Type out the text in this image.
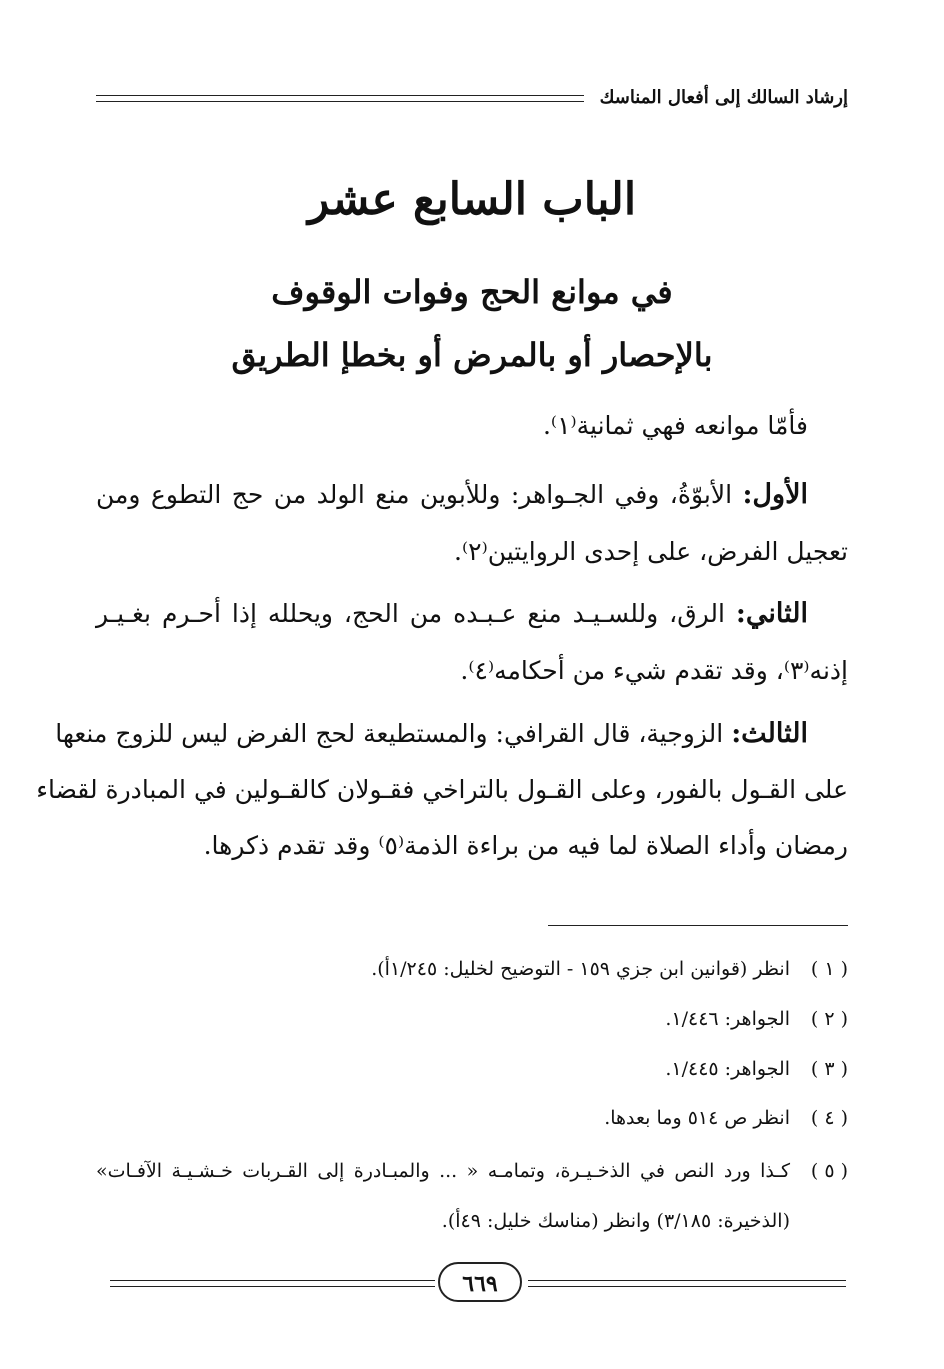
إرشاد السالك إلى أفعال المناسك
الباب السابع عشر
في موانع الحج وفوات الوقوف
بالإحصار أو بالمرض أو بخطإ الطريق
فأمّا موانعه فهي ثمانية⁽١⁾.
الأول: الأبوّةُ، وفي الجـواهر: وللأبوين منع الولد من حج التطوع ومن
تعجيل الفرض، على إحدى الروايتين⁽٢⁾.
الثاني: الرق، وللسـيـد منع عـبـده من الحج، ويحلله إذا أحـرم بغـيـر
إذنه⁽٣⁾، وقد تقدم شيء من أحكامه⁽٤⁾.
الثالث: الزوجية، قال القرافي: والمستطيعة لحج الفرض ليس للزوج منعها
على القـول بالفور، وعلى القـول بالتراخي فقـولان كالقـولين في المبادرة لقضاء
رمضان وأداء الصلاة لما فيه من براءة الذمة⁽٥⁾ وقد تقدم ذكرها.
( ١ )
انظر (قوانين ابن جزي ١٥٩ - التوضيح لخليل: ١/٢٤٥أ).
( ٢ )
الجواهر: ١/٤٤٦.
( ٣ )
الجواهر: ١/٤٤٥.
( ٤ )
انظر ص ٥١٤ وما بعدها.
( ٥ )
كـذا ورد النص في الذخـيـرة، وتمامـه « ... والمبـادرة إلى القـربات خـشـيـة الآفـات»
(الذخيرة: ٣/١٨٥) وانظر (مناسك خليل: ٤٩أ).
٦٦٩
